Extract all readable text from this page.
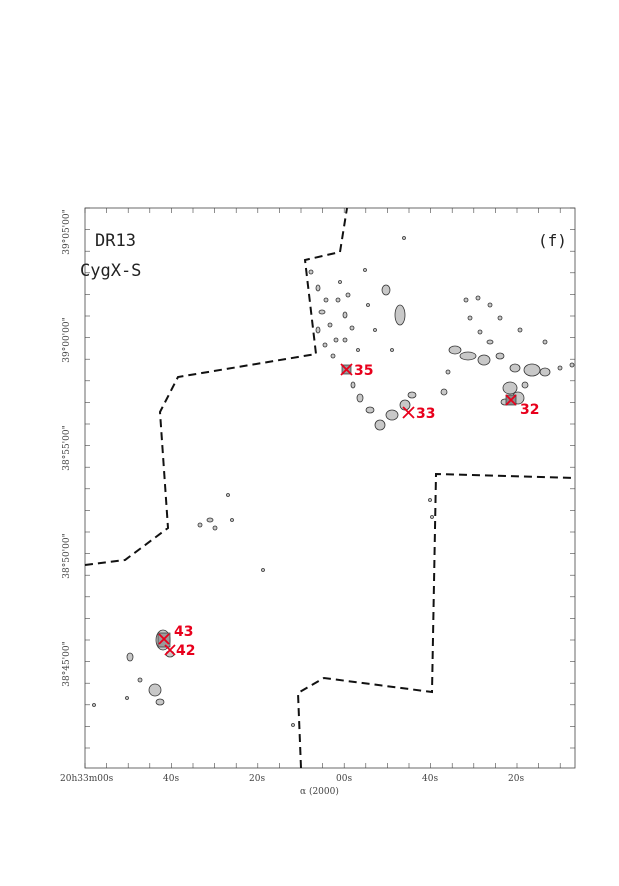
35
33	32
43
42
DR13
CygX-S
(f)
20h33m00s	40s	20s	00s	40s	20s
α (2000)
39°05'00"
39°00'00"
38°55'00"
38°50'00"
38°45'00"
